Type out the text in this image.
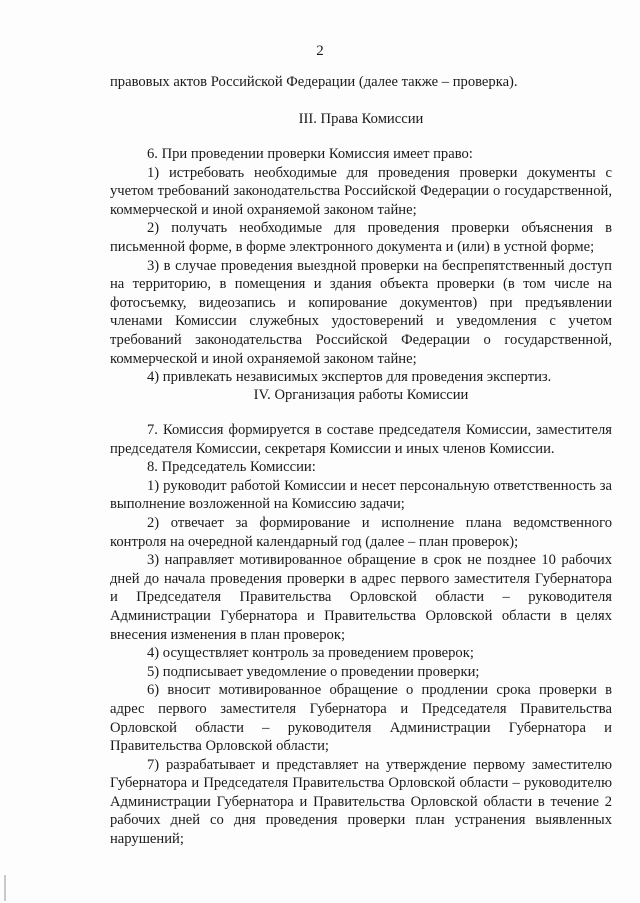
2

правовых актов Российской Федерации (далее также – проверка).

III. Права Комиссии

6. При проведении проверки Комиссия имеет право:

1) истребовать необходимые для проведения проверки документы с учетом требований законодательства Российской Федерации о государственной, коммерческой и иной охраняемой законом тайне;

2) получать необходимые для проведения проверки объяснения в письменной форме, в форме электронного документа и (или) в устной форме;

3) в случае проведения выездной проверки на беспрепятственный доступ на территорию, в помещения и здания объекта проверки (в том числе на фотосъемку, видеозапись и копирование документов) при предъявлении членами Комиссии служебных удостоверений и уведомления с учетом требований законодательства Российской Федерации о государственной, коммерческой и иной охраняемой законом тайне;

4) привлекать независимых экспертов для проведения экспертиз.

IV. Организация работы Комиссии

7. Комиссия формируется в составе председателя Комиссии, заместителя председателя Комиссии, секретаря Комиссии и иных членов Комиссии.

8. Председатель Комиссии:

1) руководит работой Комиссии и несет персональную ответственность за выполнение возложенной на Комиссию задачи;

2) отвечает за формирование и исполнение плана ведомственного контроля на очередной календарный год (далее – план проверок);

3) направляет мотивированное обращение в срок не позднее 10 рабочих дней до начала проведения проверки в адрес первого заместителя Губернатора и Председателя Правительства Орловской области – руководителя Администрации Губернатора и Правительства Орловской области в целях внесения изменения в план проверок;

4) осуществляет контроль за проведением проверок;

5) подписывает уведомление о проведении проверки;

6) вносит мотивированное обращение о продлении срока проверки в адрес первого заместителя Губернатора и Председателя Правительства Орловской области – руководителя Администрации Губернатора и Правительства Орловской области;

7) разрабатывает и представляет на утверждение первому заместителю Губернатора и Председателя Правительства Орловской области – руководителю Администрации Губернатора и Правительства Орловской области в течение 2 рабочих дней со дня проведения проверки план устранения выявленных нарушений;
